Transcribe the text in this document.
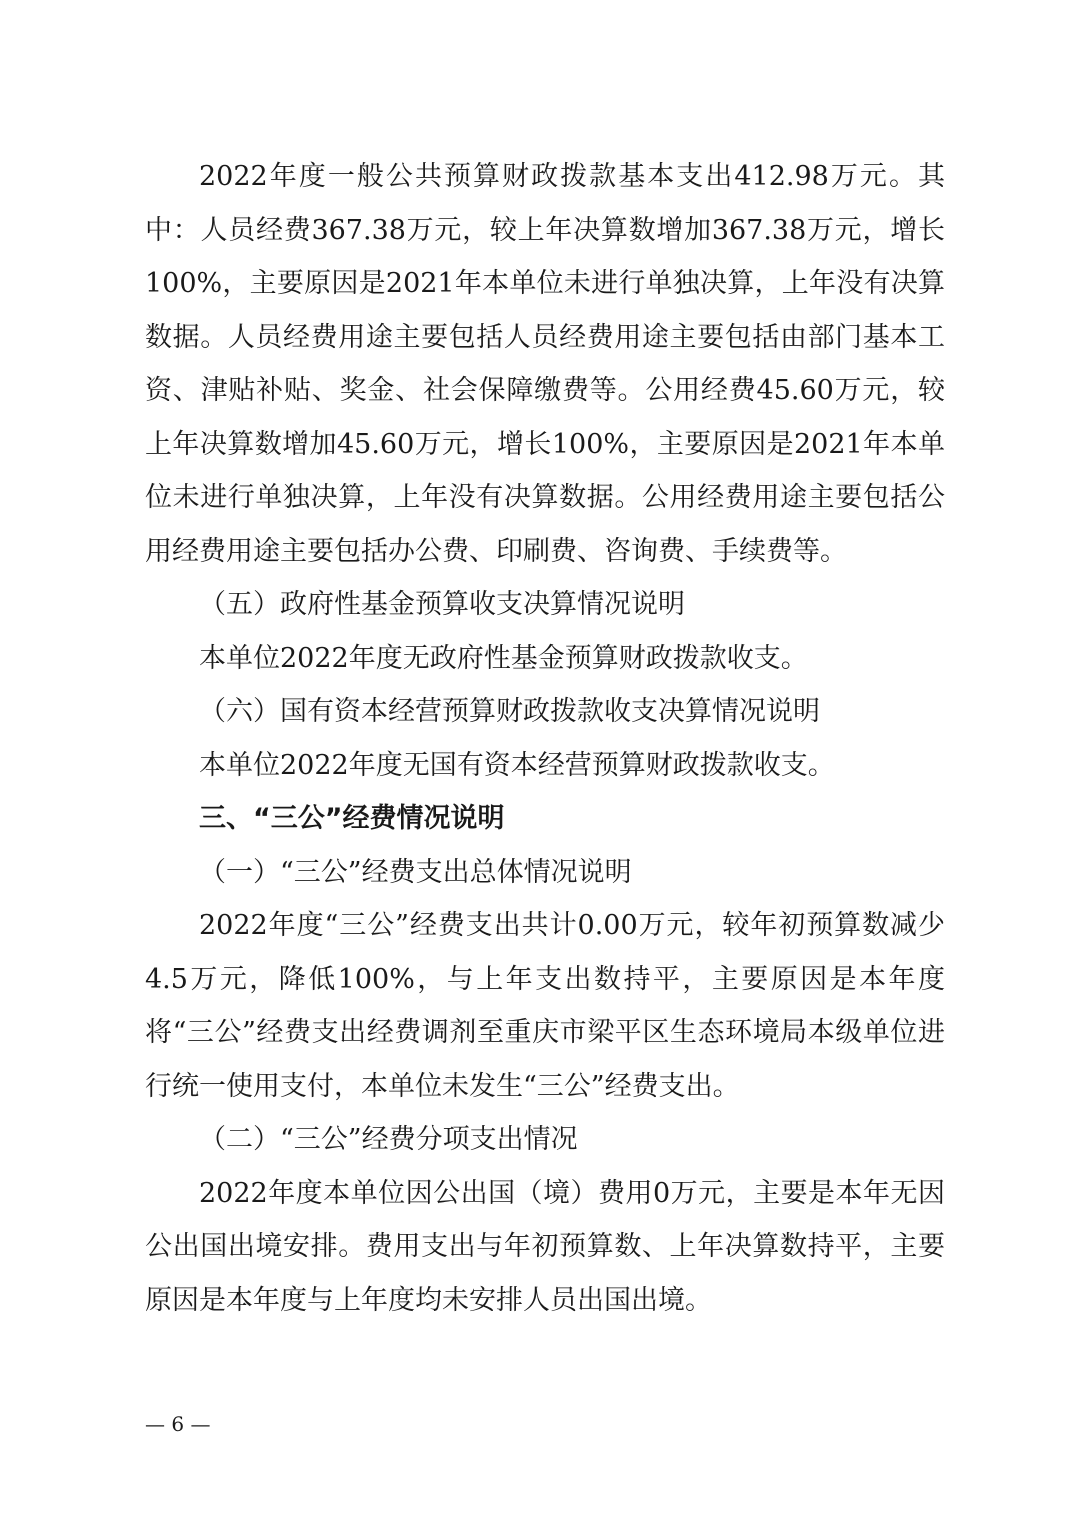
2022年度一般公共预算财政拨款基本支出412.98万元。其中：人员经费367.38万元，较上年决算数增加367.38万元，增长100%，主要原因是2021年本单位未进行单独决算，上年没有决算数据。人员经费用途主要包括人员经费用途主要包括由部门基本工资、津贴补贴、奖金、社会保障缴费等。公用经费45.60万元，较上年决算数增加45.60万元，增长100%，主要原因是2021年本单位未进行单独决算，上年没有决算数据。公用经费用途主要包括公用经费用途主要包括办公费、印刷费、咨询费、手续费等。

（五）政府性基金预算收支决算情况说明

本单位2022年度无政府性基金预算财政拨款收支。

（六）国有资本经营预算财政拨款收支决算情况说明

本单位2022年度无国有资本经营预算财政拨款收支。

三、“三公”经费情况说明

（一）“三公”经费支出总体情况说明

2022年度“三公”经费支出共计0.00万元，较年初预算数减少4.5万元，降低100%，与上年支出数持平，主要原因是本年度将“三公”经费支出经费调剂至重庆市梁平区生态环境局本级单位进行统一使用支付，本单位未发生“三公”经费支出。

（二）“三公”经费分项支出情况

2022年度本单位因公出国（境）费用0万元，主要是本年无因公出国出境安排。费用支出与年初预算数、上年决算数持平，主要原因是本年度与上年度均未安排人员出国出境。

— 6 —
